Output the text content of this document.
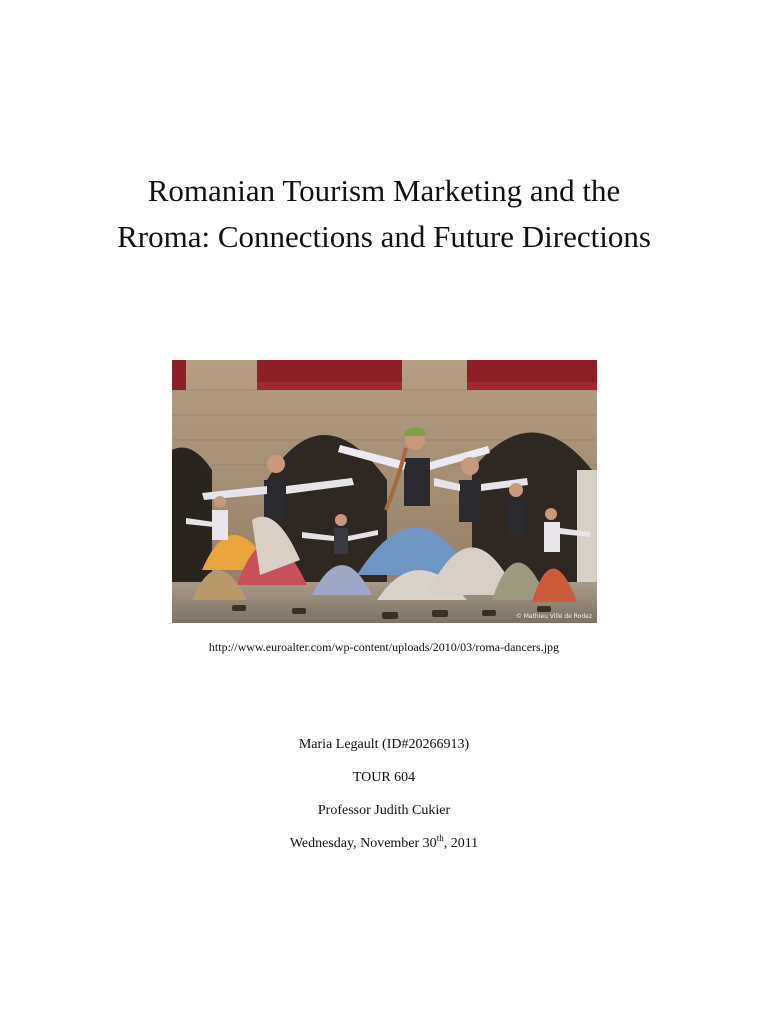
Romanian Tourism Marketing and the
Rroma: Connections and Future Directions
© Mathieu Ville de Rodez
http://www.euroalter.com/wp-content/uploads/2010/03/roma-dancers.jpg
Maria Legault (ID#20266913)
TOUR 604
Professor Judith Cukier
Wednesday, November 30th, 2011
